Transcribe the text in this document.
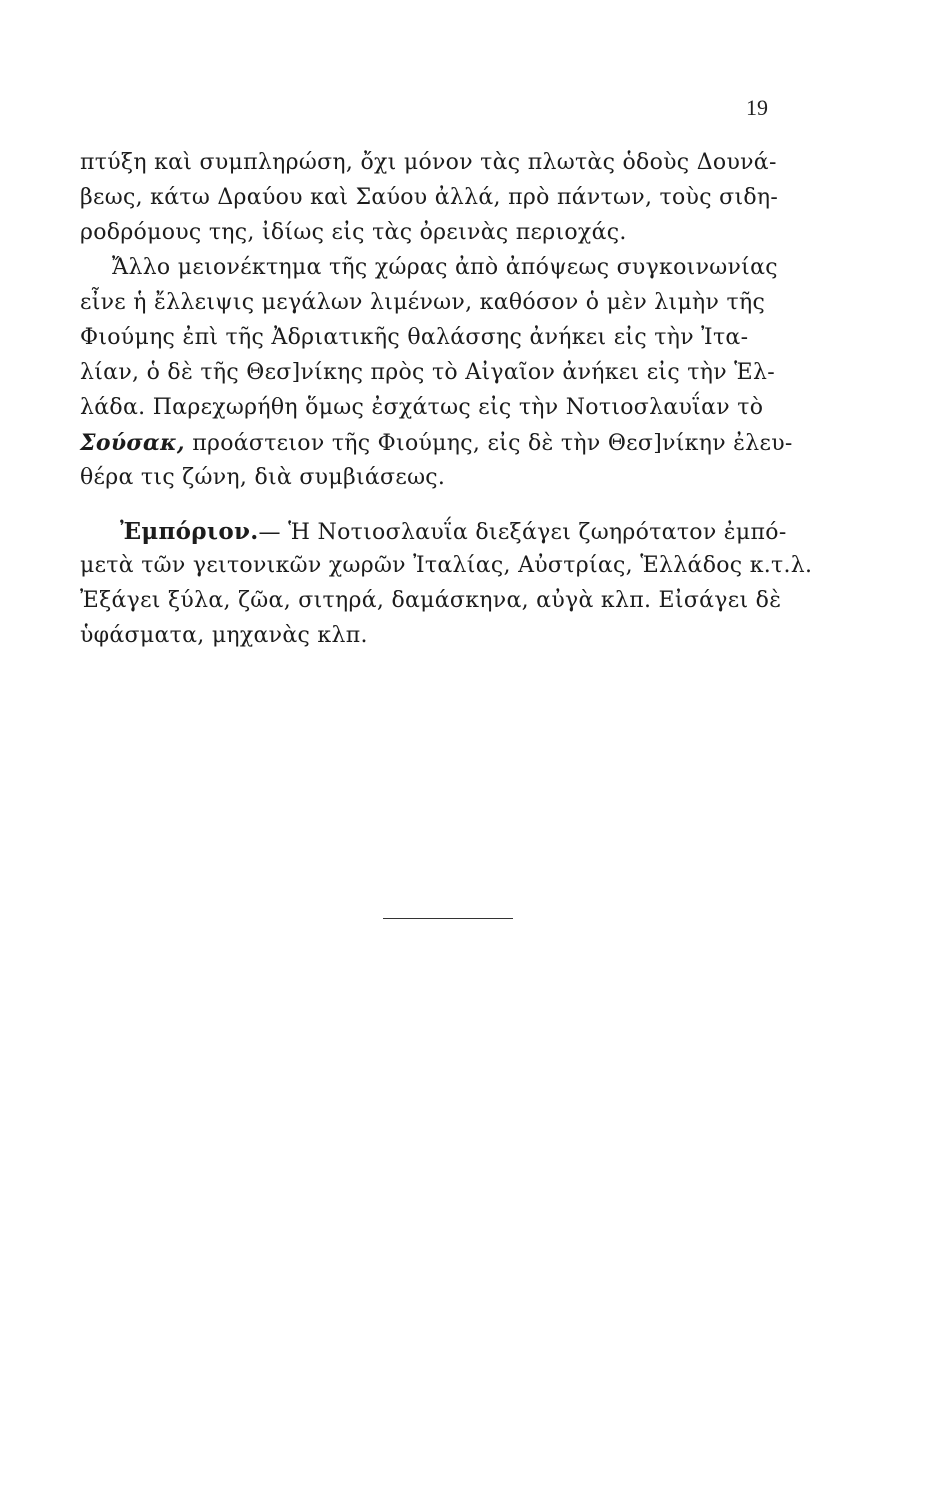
19
πτύξη καὶ συμπληρώση, ὄχι μόνον τὰς πλωτὰς ὁδοὺς Δουνά-
βεως, κάτω Δραύου καὶ Σαύου ἀλλά, πρὸ πάντων, τοὺς σιδη-
ροδρόμους της, ἰδίως εἰς τὰς ὀρεινὰς περιοχάς.
Ἄλλο μειονέκτημα τῆς χώρας ἀπὸ ἀπόψεως συγκοινωνίας
εἶνε ἡ ἔλλειψις μεγάλων λιμένων, καθόσον ὁ μὲν λιμὴν τῆς
Φιούμης ἐπὶ τῆς Ἀδριατικῆς θαλάσσης ἀνήκει εἰς τὴν Ἰτα-
λίαν, ὁ δὲ τῆς Θεσ]νίκης πρὸς τὸ Αἰγαῖον ἀνήκει εἰς τὴν Ἑλ-
λάδα. Παρεχωρήθη ὅμως ἐσχάτως εἰς τὴν Νοτιοσλαυΐαν τὸ
Σούσακ, προάστειον τῆς Φιούμης, εἰς δὲ τὴν Θεσ]νίκην ἐλευ-
θέρα τις ζώνη, διὰ συμβιάσεως.
Ἐμπόριον.— Ἡ Νοτιοσλαυΐα διεξάγει ζωηρότατον ἐμπό-
μετὰ τῶν γειτονικῶν χωρῶν Ἰταλίας, Αὐστρίας, Ἑλλάδος κ.τ.λ.
Ἐξάγει ξύλα, ζῶα, σιτηρά, δαμάσκηνα, αὐγὰ κλπ. Εἰσάγει δὲ
ὑφάσματα, μηχανὰς κλπ.
